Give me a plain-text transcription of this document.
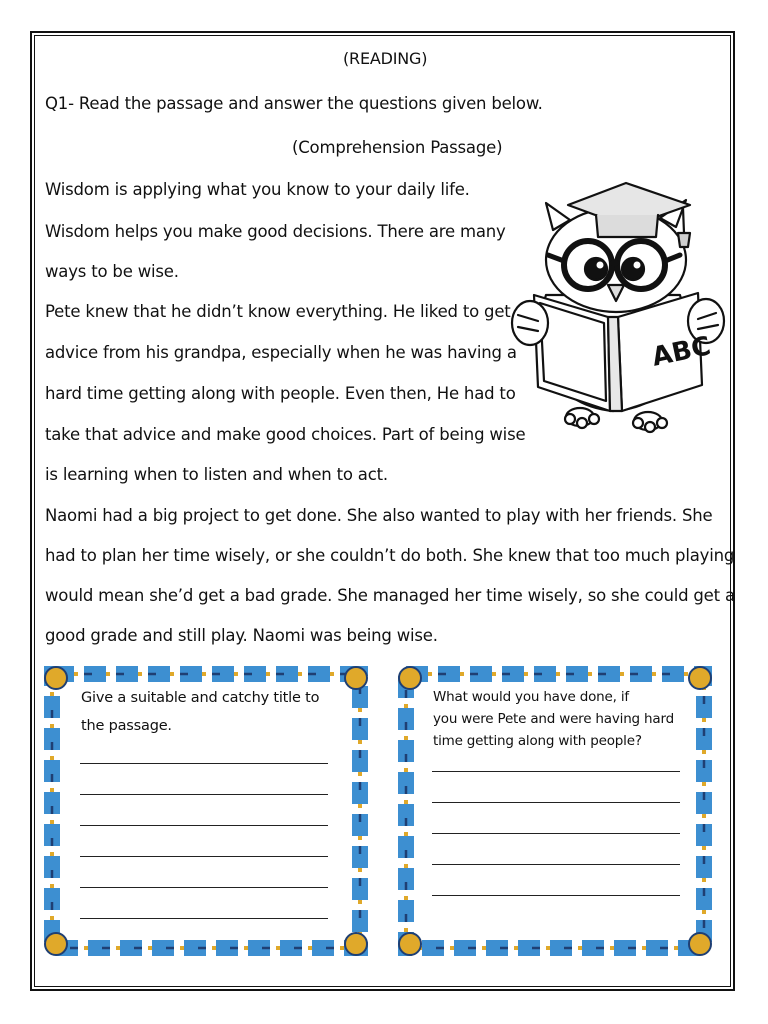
(READING)
Q1- Read the passage and answer the questions given below.
(Comprehension Passage)
Wisdom is applying what you know to your daily life.
Wisdom helps you make good decisions. There are many
ways to be wise.
Pete knew that he didn’t know everything. He liked to get
advice from his grandpa, especially when he was having a
hard time getting along with people. Even then, He had to
take that advice and make good choices. Part of being wise
is learning when to listen and when to act.
Naomi had a big project to get done. She also wanted to play with her friends. She
had to plan her time wisely, or she couldn’t do both. She knew that too much playing
would mean she’d get a bad grade. She managed her time wisely, so she could get a
good grade and still play. Naomi was being wise.
ABC
Give a suitable and catchy title to
the passage.
What would you have done, if
you were Pete and were having hard
time getting along with people?
